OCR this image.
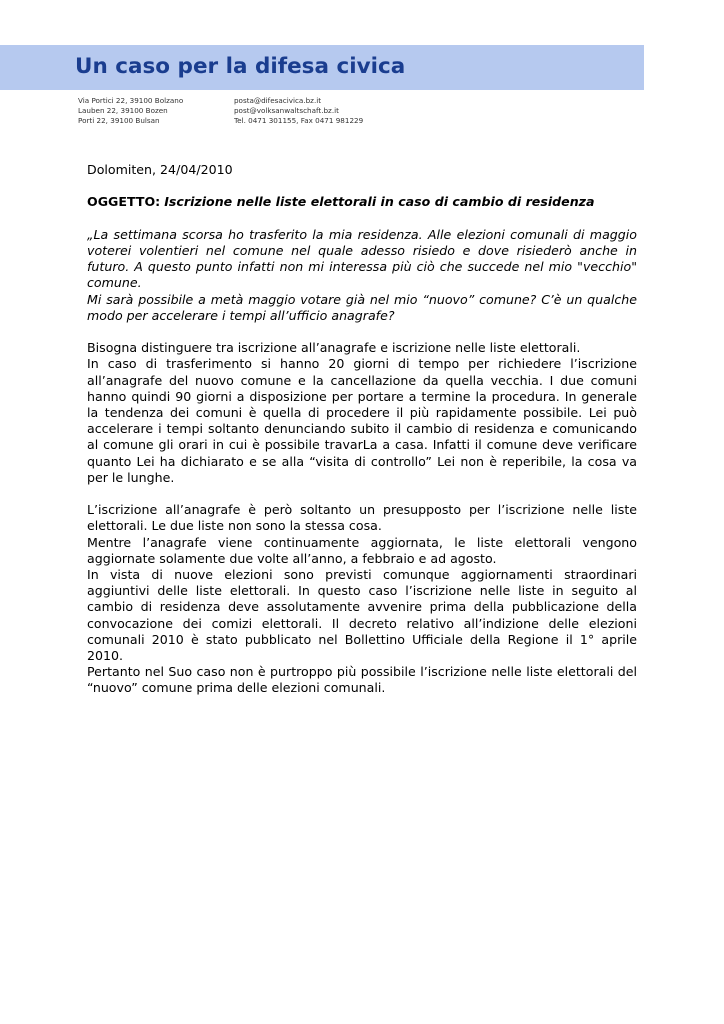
Un caso per la difesa civica
Via Portici 22, 39100 Bolzano
Lauben 22, 39100 Bozen
Porti 22, 39100 Bulsan
posta@difesacivica.bz.it
post@volksanwaltschaft.bz.it
Tel. 0471 301155, Fax 0471 981229

Dolomiten, 24/04/2010

OGGETTO: Iscrizione nelle liste elettorali in caso di cambio di residenza

„La settimana scorsa ho trasferito la mia residenza. Alle elezioni comunali di maggio voterei volentieri nel comune nel quale adesso risiedo e dove risiederò anche in futuro. A questo punto infatti non mi interessa più ciò che succede nel mio "vecchio" comune.

Mi sarà possibile a metà maggio votare già nel mio “nuovo” comune? C’è un qualche modo per accelerare i tempi all’ufficio anagrafe?

Bisogna distinguere tra iscrizione all’anagrafe e iscrizione nelle liste elettorali.

In caso di trasferimento si hanno 20 giorni di tempo per richiedere l’iscrizione all’anagrafe del nuovo comune e la cancellazione da quella vecchia. I due comuni hanno quindi 90 giorni a disposizione per portare a termine la procedura. In generale la tendenza dei comuni è quella di procedere il più rapidamente possibile. Lei può accelerare i tempi soltanto denunciando subito il cambio di residenza e comunicando al comune gli orari in cui è possibile travarLa a casa. Infatti il comune deve verificare quanto Lei ha dichiarato e se alla “visita di controllo” Lei non è reperibile, la cosa va per le lunghe.

L’iscrizione all’anagrafe è però soltanto un presupposto per l’iscrizione nelle liste elettorali. Le due liste non sono la stessa cosa.

Mentre l’anagrafe viene continuamente aggiornata, le liste elettorali vengono aggiornate solamente due volte all’anno, a febbraio e ad agosto.

In vista di nuove elezioni sono previsti comunque aggiornamenti straordinari aggiuntivi delle liste elettorali. In questo caso l’iscrizione nelle liste in seguito al cambio di residenza deve assolutamente avvenire prima della pubblicazione della convocazione dei comizi elettorali. Il decreto relativo all’indizione delle elezioni comunali 2010 è stato pubblicato nel Bollettino Ufficiale della Regione il 1° aprile 2010.

Pertanto nel Suo caso non è purtroppo più possibile l’iscrizione nelle liste elettorali del “nuovo” comune prima delle elezioni comunali.
